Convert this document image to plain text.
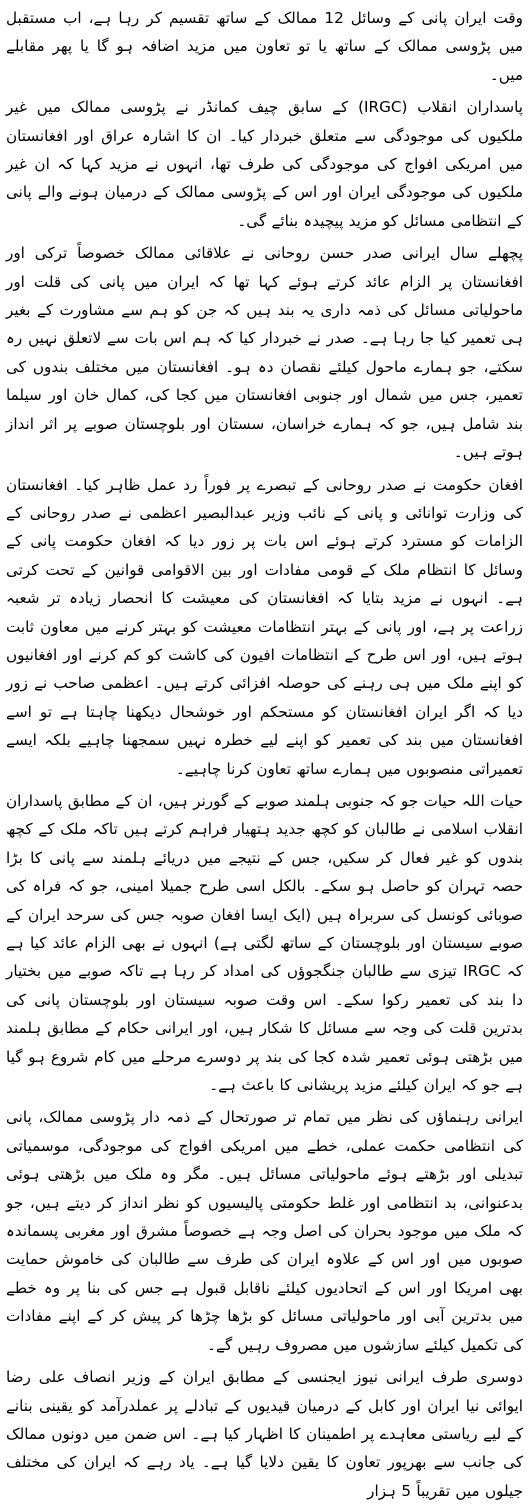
وقت ایران پانی کے وسائل 12 ممالک کے ساتھ تقسیم کر رہا ہے، اب مستقبل میں پڑوسی ممالک کے ساتھ یا تو تعاون میں مزید اضافہ ہو گا یا پھر مقابلے میں۔

پاسداران انقلاب (IRGC) کے سابق چیف کمانڈر نے پڑوسی ممالک میں غیر ملکیوں کی موجودگی سے متعلق خبردار کیا۔ ان کا اشارہ عراق اور افغانستان میں امریکی افواج کی موجودگی کی طرف تھا، انہوں نے مزید کہا کہ ان غیر ملکیوں کی موجودگی ایران اور اس کے پڑوسی ممالک کے درمیان ہونے والے پانی کے انتظامی مسائل کو مزید پیچیدہ بنائے گی۔

پچھلے سال ایرانی صدر حسن روحانی نے علاقائی ممالک خصوصاً ترکی اور افغانستان پر الزام عائد کرتے ہوئے کہا تھا کہ ایران میں پانی کی قلت اور ماحولیاتی مسائل کی ذمہ داری یہ بند ہیں کہ جن کو ہم سے مشاورت کے بغیر ہی تعمیر کیا جا رہا ہے۔ صدر نے خبردار کیا کہ ہم اس بات سے لاتعلق نہیں رہ سکتے، جو ہمارے ماحول کیلئے نقصان دہ ہو۔ افغانستان میں مختلف بندوں کی تعمیر، جس میں شمال اور جنوبی افغانستان میں کجا کی، کمال خان اور سیلما بند شامل ہیں، جو کہ ہمارے خراسان، سستان اور بلوچستان صوبے پر اثر انداز ہوتے ہیں۔

افغان حکومت نے صدر روحانی کے تبصرے پر فوراً رد عمل ظاہر کیا۔ افغانستان کی وزارت توانائی و پانی کے نائب وزیر عبدالبصیر اعظمی نے صدر روحانی کے الزامات کو مسترد کرتے ہوئے اس بات پر زور دیا کہ افغان حکومت پانی کے وسائل کا انتظام ملک کے قومی مفادات اور بین الاقوامی قوانین کے تحت کرتی ہے۔ انہوں نے مزید بتایا کہ افغانستان کی معیشت کا انحصار زیادہ تر شعبہ زراعت پر ہے، اور پانی کے بہتر انتظامات معیشت کو بہتر کرنے میں معاون ثابت ہوتے ہیں، اور اس طرح کے انتظامات افیون کی کاشت کو کم کرنے اور افغانیوں کو اپنے ملک میں ہی رہنے کی حوصلہ افزائی کرتے ہیں۔ اعظمی صاحب نے زور دیا کہ اگر ایران افغانستان کو مستحکم اور خوشحال دیکھنا چاہتا ہے تو اسے افغانستان میں بند کی تعمیر کو اپنے لیے خطرہ نہیں سمجھنا چاہیے بلکہ ایسے تعمیراتی منصوبوں میں ہمارے ساتھ تعاون کرنا چاہیے۔

حیات اللہ حیات جو کہ جنوبی ہلمند صوبے کے گورنر ہیں، ان کے مطابق پاسداران انقلاب اسلامی نے طالبان کو کچھ جدید ہتھیار فراہم کرتے ہیں تاکہ ملک کے کچھ بندوں کو غیر فعال کر سکیں، جس کے نتیجے میں دریائے ہلمند سے پانی کا بڑا حصہ تہران کو حاصل ہو سکے۔ بالکل اسی طرح جمیلا امینی، جو کہ فراہ کی صوبائی کونسل کی سربراہ ہیں (ایک ایسا افغان صوبہ جس کی سرحد ایران کے صوبے سیستان اور بلوچستان کے ساتھ لگتی ہے) انہوں نے بھی الزام عائد کیا ہے کہ IRGC تیزی سے طالبان جنگجوؤں کی امداد کر رہا ہے تاکہ صوبے میں بختیار دا بند کی تعمیر رکوا سکے۔ اس وقت صوبہ سیستان اور بلوچستان پانی کی بدترین قلت کی وجہ سے مسائل کا شکار ہیں، اور ایرانی حکام کے مطابق ہلمند میں بڑھتی ہوئی تعمیر شدہ کجا کی بند پر دوسرے مرحلے میں کام شروع ہو گیا ہے جو کہ ایران کیلئے مزید پریشانی کا باعث ہے۔

ایرانی رہنماؤں کی نظر میں تمام تر صورتحال کے ذمہ دار پڑوسی ممالک، پانی کی انتظامی حکمت عملی، خطے میں امریکی افواج کی موجودگی، موسمیاتی تبدیلی اور بڑھتے ہوئے ماحولیاتی مسائل ہیں۔ مگر وہ ملک میں بڑھتی ہوئی بدعنوانی، بد انتظامی اور غلط حکومتی پالیسیوں کو نظر انداز کر دیتے ہیں، جو کہ ملک میں موجود بحران کی اصل وجہ ہے خصوصاً مشرق اور مغربی پسماندہ صوبوں میں اور اس کے علاوہ ایران کی طرف سے طالبان کی خاموش حمایت بھی امریکا اور اس کے اتحادیوں کیلئے ناقابل قبول ہے جس کی بنا پر وہ خطے میں بدترین آبی اور ماحولیاتی مسائل کو بڑھا چڑھا کر پیش کر کے اپنے مفادات کی تکمیل کیلئے سازشوں میں مصروف رہیں گے۔

دوسری طرف ایرانی نیوز ایجنسی کے مطابق ایران کے وزیر انصاف علی رضا ایوائی نیا ایران اور کابل کے درمیان قیدیوں کے تبادلے پر عملدرآمد کو یقینی بنانے کے لیے ریاستی معاہدے پر اطمینان کا اظہار کیا ہے۔ اس ضمن میں دونوں ممالک کی جانب سے بھرپور تعاون کا یقین دلایا گیا ہے۔ یاد رہے کہ ایران کی مختلف جیلوں میں تقریباً 5 ہزار
